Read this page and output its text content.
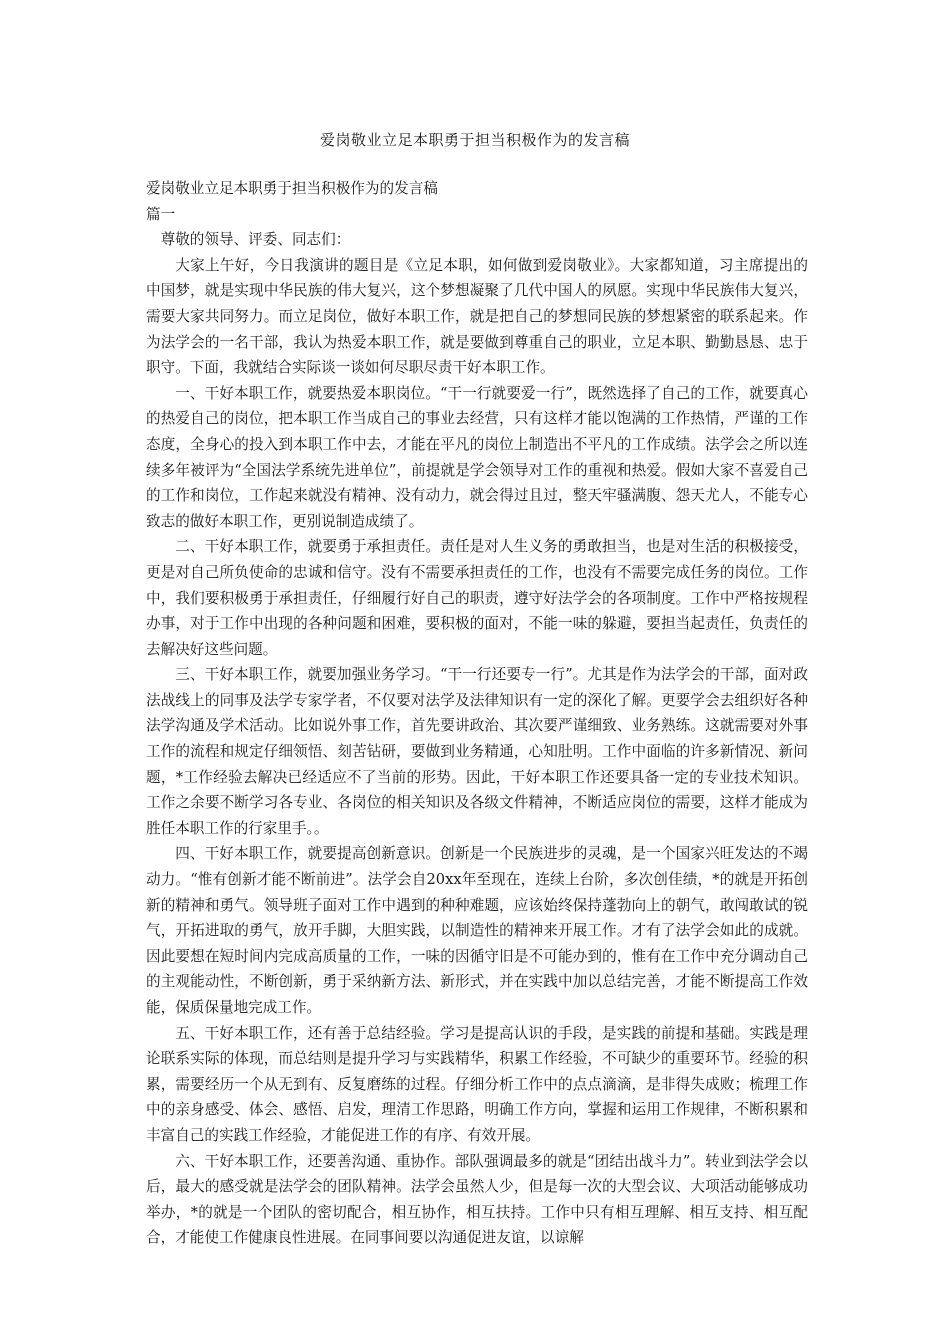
爱岗敬业立足本职勇于担当积极作为的发言稿

爱岗敬业立足本职勇于担当积极作为的发言稿

篇一

尊敬的领导、评委、同志们：

大家上午好，今日我演讲的题目是《立足本职，如何做到爱岗敬业》。大家都知道，习主席提出的中国梦，就是实现中华民族的伟大复兴，这个梦想凝聚了几代中国人的夙愿。实现中华民族伟大复兴，需要大家共同努力。而立足岗位，做好本职工作，就是把自己的梦想同民族的梦想紧密的联系起来。作为法学会的一名干部，我认为热爱本职工作，就是要做到尊重自己的职业，立足本职、勤勤恳恳、忠于职守。下面，我就结合实际谈一谈如何尽职尽责干好本职工作。

一、干好本职工作，就要热爱本职岗位。“干一行就要爱一行”，既然选择了自己的工作，就要真心的热爱自己的岗位，把本职工作当成自己的事业去经营，只有这样才能以饱满的工作热情，严谨的工作态度，全身心的投入到本职工作中去，才能在平凡的岗位上制造出不平凡的工作成绩。法学会之所以连续多年被评为“全国法学系统先进单位”，前提就是学会领导对工作的重视和热爱。假如大家不喜爱自己的工作和岗位，工作起来就没有精神、没有动力，就会得过且过，整天牢骚满腹、怨天尤人，不能专心致志的做好本职工作，更别说制造成绩了。

二、干好本职工作，就要勇于承担责任。责任是对人生义务的勇敢担当，也是对生活的积极接受，更是对自己所负使命的忠诚和信守。没有不需要承担责任的工作，也没有不需要完成任务的岗位。工作中，我们要积极勇于承担责任，仔细履行好自己的职责，遵守好法学会的各项制度。工作中严格按规程办事，对于工作中出现的各种问题和困难，要积极的面对，不能一味的躲避，要担当起责任，负责任的去解决好这些问题。

三、干好本职工作，就要加强业务学习。“干一行还要专一行”。尤其是作为法学会的干部，面对政法战线上的同事及法学专家学者，不仅要对法学及法律知识有一定的深化了解。更要学会去组织好各种法学沟通及学术活动。比如说外事工作，首先要讲政治、其次要严谨细致、业务熟练。这就需要对外事工作的流程和规定仔细领悟、刻苦钻研，要做到业务精通，心知肚明。工作中面临的许多新情况、新问题，*工作经验去解决已经适应不了当前的形势。因此，干好本职工作还要具备一定的专业技术知识。工作之余要不断学习各专业、各岗位的相关知识及各级文件精神，不断适应岗位的需要，这样才能成为胜任本职工作的行家里手。。

四、干好本职工作，就要提高创新意识。创新是一个民族进步的灵魂，是一个国家兴旺发达的不竭动力。“惟有创新才能不断前进”。法学会自20xx年至现在，连续上台阶，多次创佳绩，*的就是开拓创新的精神和勇气。领导班子面对工作中遇到的种种难题，应该始终保持蓬勃向上的朝气，敢闯敢试的锐气，开拓进取的勇气，放开手脚，大胆实践，以制造性的精神来开展工作。才有了法学会如此的成就。因此要想在短时间内完成高质量的工作，一味的因循守旧是不可能办到的，惟有在工作中充分调动自己的主观能动性，不断创新，勇于采纳新方法、新形式，并在实践中加以总结完善，才能不断提高工作效能，保质保量地完成工作。

五、干好本职工作，还有善于总结经验。学习是提高认识的手段，是实践的前提和基础。实践是理论联系实际的体现，而总结则是提升学习与实践精华，积累工作经验，不可缺少的重要环节。经验的积累，需要经历一个从无到有、反复磨练的过程。仔细分析工作中的点点滴滴，是非得失成败；梳理工作中的亲身感受、体会、感悟、启发，理清工作思路，明确工作方向，掌握和运用工作规律，不断积累和丰富自己的实践工作经验，才能促进工作的有序、有效开展。

六、干好本职工作，还要善沟通、重协作。部队强调最多的就是“团结出战斗力”。转业到法学会以后，最大的感受就是法学会的团队精神。法学会虽然人少，但是每一次的大型会议、大项活动能够成功举办，*的就是一个团队的密切配合，相互协作，相互扶持。工作中只有相互理解、相互支持、相互配合，才能使工作健康良性进展。在同事间要以沟通促进友谊，以谅解
